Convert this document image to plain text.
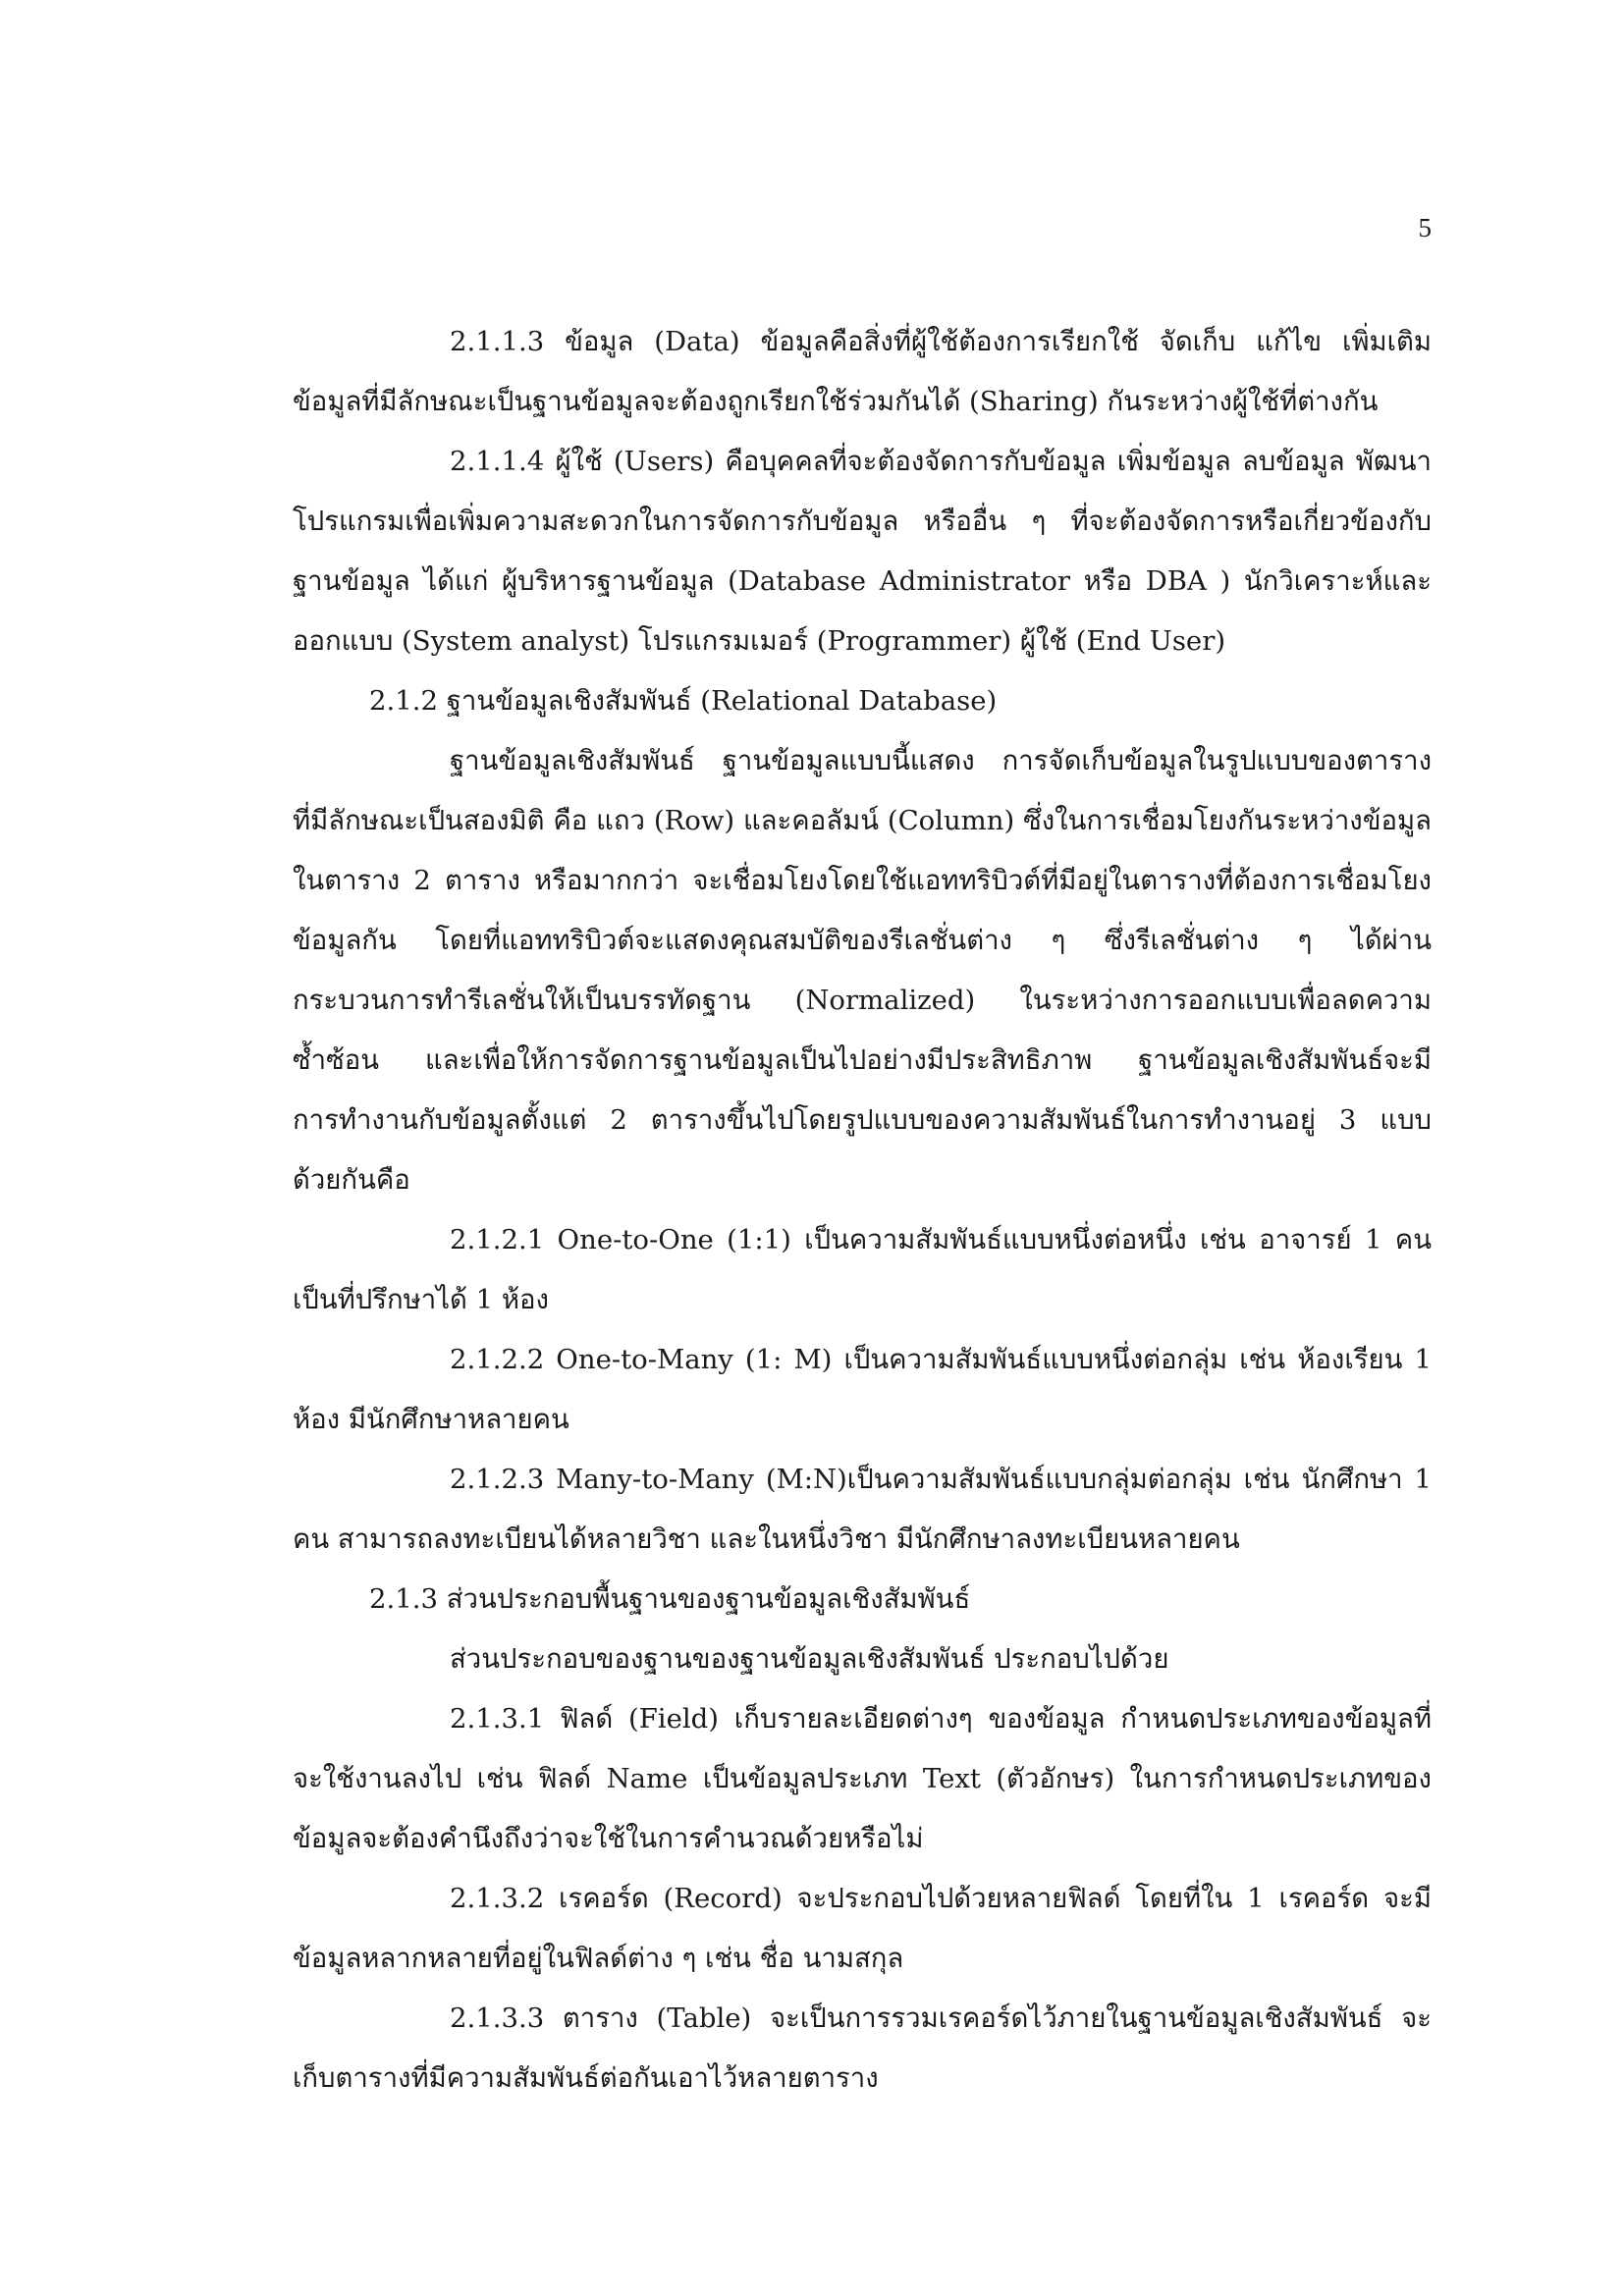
5
2.1.1.3 ข้อมูล (Data) ข้อมูลคือสิ่งที่ผู้ใช้ต้องการเรียกใช้ จัดเก็บ แก้ไข เพิ่มเติม
ข้อมูลที่มีลักษณะเป็นฐานข้อมูลจะต้องถูกเรียกใช้ร่วมกันได้ (Sharing) กันระหว่างผู้ใช้ที่ต่างกัน
2.1.1.4 ผู้ใช้ (Users) คือบุคคลที่จะต้องจัดการกับข้อมูล เพิ่มข้อมูล ลบข้อมูล พัฒนา
โปรแกรมเพื่อเพิ่มความสะดวกในการจัดการกับข้อมูล หรืออื่น ๆ ที่จะต้องจัดการหรือเกี่ยวข้องกับ
ฐานข้อมูล ได้แก่ ผู้บริหารฐานข้อมูล (Database Administrator หรือ DBA ) นักวิเคราะห์และ
ออกแบบ (System analyst) โปรแกรมเมอร์ (Programmer) ผู้ใช้ (End User)
2.1.2 ฐานข้อมูลเชิงสัมพันธ์ (Relational Database)
ฐานข้อมูลเชิงสัมพันธ์ ฐานข้อมูลแบบนี้แสดง การจัดเก็บข้อมูลในรูปแบบของตาราง
ที่มีลักษณะเป็นสองมิติ คือ แถว (Row) และคอลัมน์ (Column) ซึ่งในการเชื่อมโยงกันระหว่างข้อมูล
ในตาราง 2 ตาราง หรือมากกว่า จะเชื่อมโยงโดยใช้แอททริบิวต์ที่มีอยู่ในตารางที่ต้องการเชื่อมโยง
ข้อมูลกัน โดยที่แอททริบิวต์จะแสดงคุณสมบัติของรีเลชั่นต่าง ๆ ซึ่งรีเลชั่นต่าง ๆ ได้ผ่าน
กระบวนการทำรีเลชั่นให้เป็นบรรทัดฐาน (Normalized) ในระหว่างการออกแบบเพื่อลดความ
ซ้ำซ้อน และเพื่อให้การจัดการฐานข้อมูลเป็นไปอย่างมีประสิทธิภาพ ฐานข้อมูลเชิงสัมพันธ์จะมี
การทำงานกับข้อมูลตั้งแต่ 2 ตารางขึ้นไปโดยรูปแบบของความสัมพันธ์ในการทำงานอยู่ 3 แบบ
ด้วยกันคือ
2.1.2.1 One-to-One (1:1) เป็นความสัมพันธ์แบบหนึ่งต่อหนึ่ง เช่น อาจารย์ 1 คน
เป็นที่ปรึกษาได้ 1 ห้อง
2.1.2.2 One-to-Many (1: M) เป็นความสัมพันธ์แบบหนึ่งต่อกลุ่ม เช่น ห้องเรียน 1
ห้อง มีนักศึกษาหลายคน
2.1.2.3 Many-to-Many (M:N)เป็นความสัมพันธ์แบบกลุ่มต่อกลุ่ม เช่น นักศึกษา 1
คน สามารถลงทะเบียนได้หลายวิชา และในหนึ่งวิชา มีนักศึกษาลงทะเบียนหลายคน
2.1.3 ส่วนประกอบพื้นฐานของฐานข้อมูลเชิงสัมพันธ์
ส่วนประกอบของฐานของฐานข้อมูลเชิงสัมพันธ์ ประกอบไปด้วย
2.1.3.1 ฟิลด์ (Field) เก็บรายละเอียดต่างๆ ของข้อมูล กำหนดประเภทของข้อมูลที่
จะใช้งานลงไป เช่น ฟิลด์ Name เป็นข้อมูลประเภท Text (ตัวอักษร) ในการกำหนดประเภทของ
ข้อมูลจะต้องคำนึงถึงว่าจะใช้ในการคำนวณด้วยหรือไม่
2.1.3.2 เรคอร์ด (Record) จะประกอบไปด้วยหลายฟิลด์ โดยที่ใน 1 เรคอร์ด จะมี
ข้อมูลหลากหลายที่อยู่ในฟิลด์ต่าง ๆ เช่น ชื่อ นามสกุล
2.1.3.3 ตาราง (Table) จะเป็นการรวมเรคอร์ดไว้ภายในฐานข้อมูลเชิงสัมพันธ์ จะ
เก็บตารางที่มีความสัมพันธ์ต่อกันเอาไว้หลายตาราง
